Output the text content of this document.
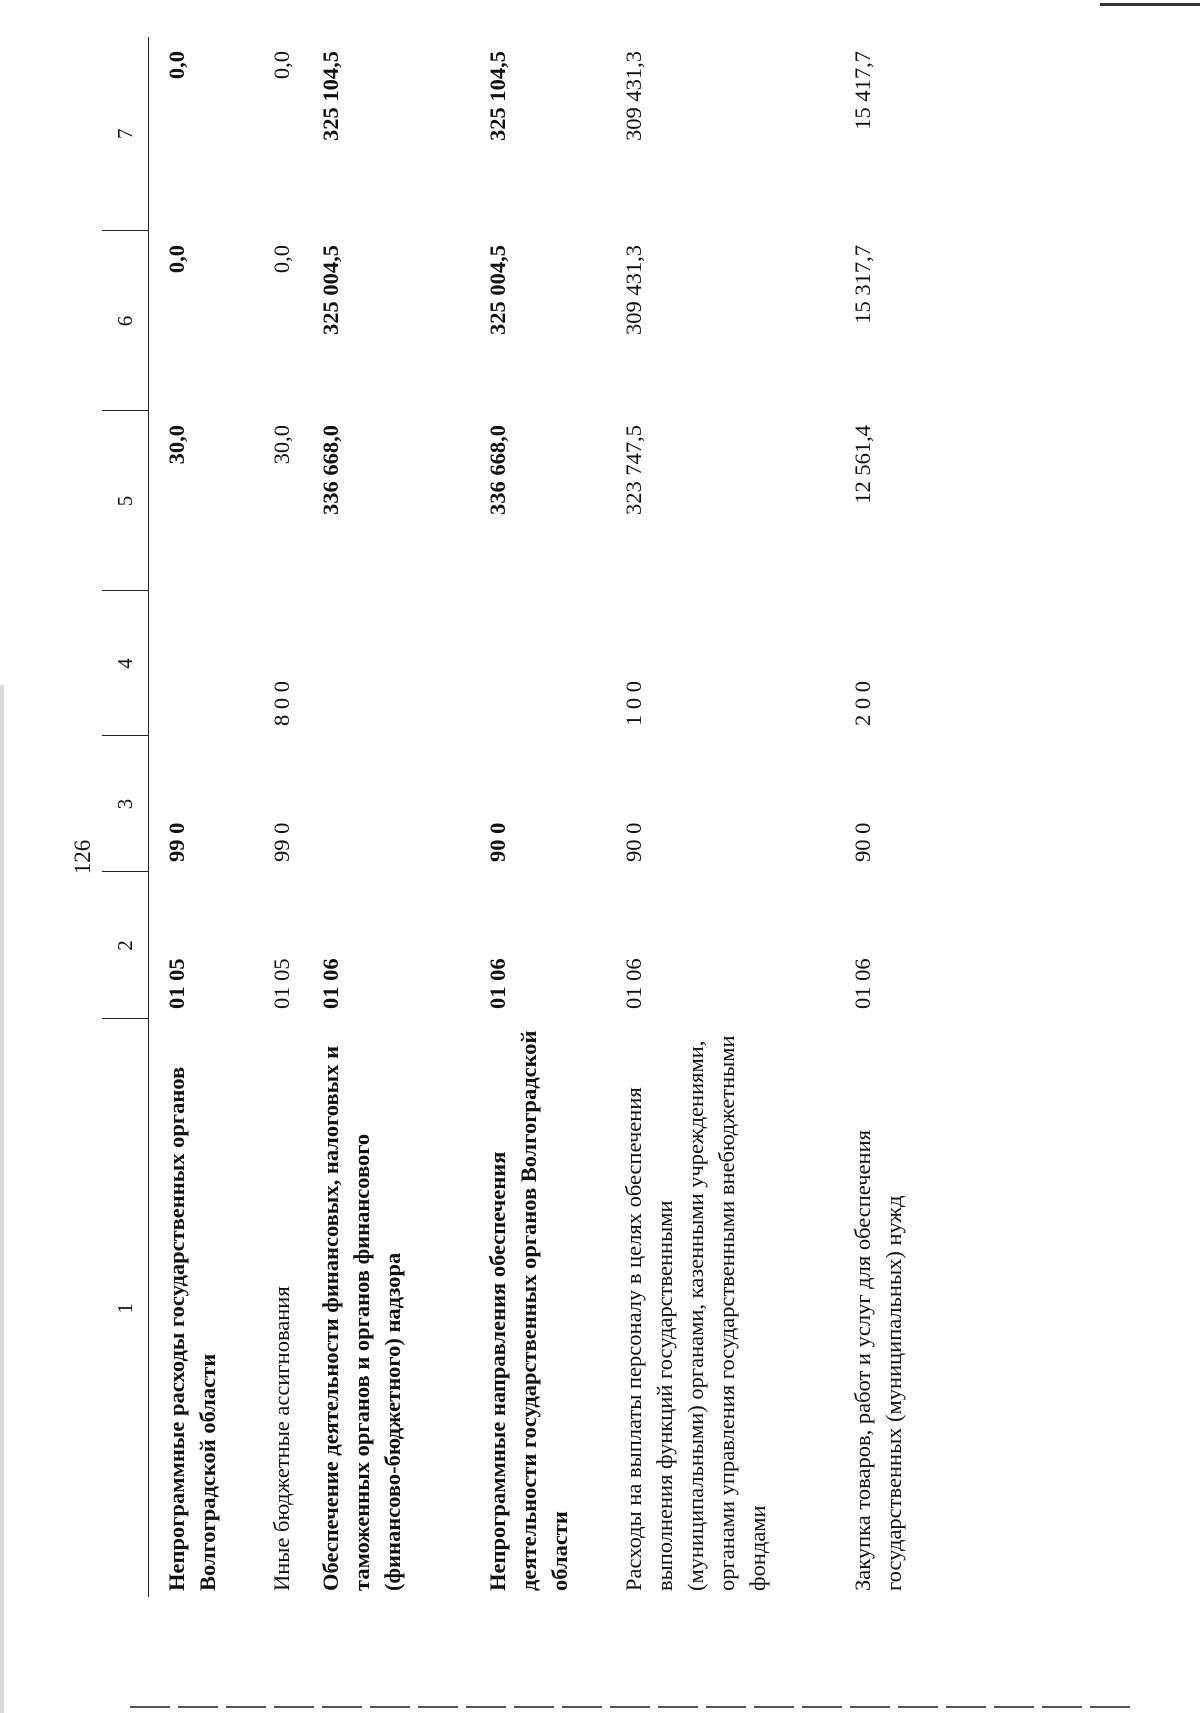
126
1	2	3	4	5	6	7
Непрограммные расходы государственных органов Волгоградской области	01 05	99 0		30,0	0,0	0,0
Иные бюджетные ассигнования	01 05	99 0	8 0 0	30,0	0,0	0,0
Обеспечение деятельности финансовых, налоговых и таможенных органов и органов финансового (финансово-бюджетного) надзора	01 06			336 668,0	325 004,5	325 104,5
Непрограммные направления обеспечения деятельности государственных органов Волгоградской области	01 06	90 0		336 668,0	325 004,5	325 104,5
Расходы на выплаты персоналу в целях обеспечения выполнения функций государственными (муниципальными) органами, казенными учреждениями, органами управления государственными внебюджетными фондами	01 06	90 0	1 0 0	323 747,5	309 431,3	309 431,3
Закупка товаров, работ и услуг для обеспечения государственных (муниципальных) нужд	01 06	90 0	2 0 0	12 561,4	15 317,7	15 417,7
